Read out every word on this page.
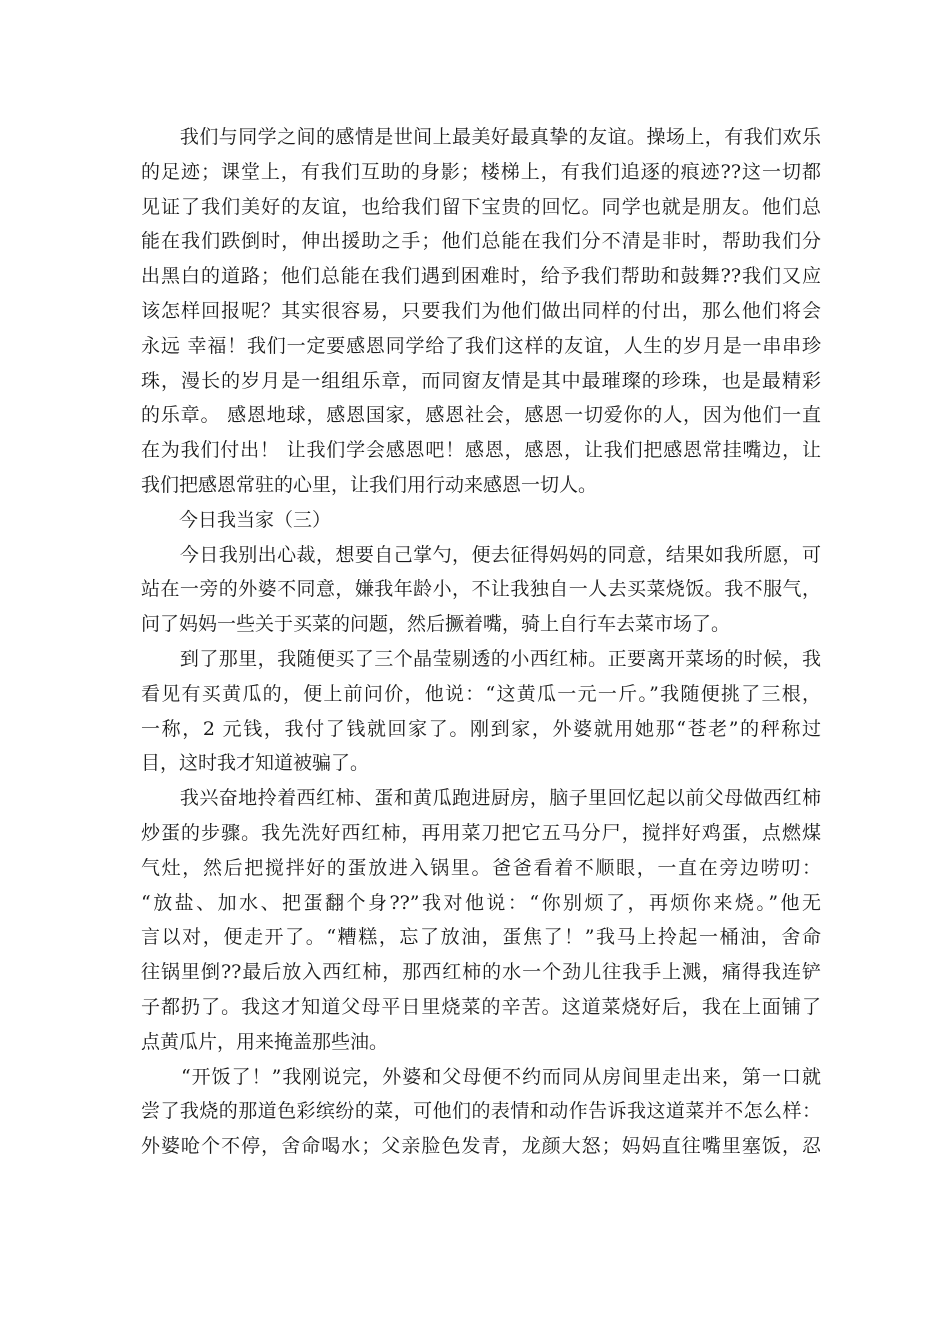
　　我们与同学之间的感情是世间上最美好最真挚的友谊。操场上，有我们欢乐
的足迹；课堂上，有我们互助的身影；楼梯上，有我们追逐的痕迹??这一切都
见证了我们美好的友谊，也给我们留下宝贵的回忆。同学也就是朋友。他们总
能在我们跌倒时，伸出援助之手；他们总能在我们分不清是非时，帮助我们分
出黑白的道路；他们总能在我们遇到困难时，给予我们帮助和鼓舞??我们又应
该怎样回报呢？其实很容易，只要我们为他们做出同样的付出，那么他们将会
永远 幸福！我们一定要感恩同学给了我们这样的友谊，人生的岁月是一串串珍
珠，漫长的岁月是一组组乐章，而同窗友情是其中最璀璨的珍珠，也是最精彩
的乐章。 感恩地球，感恩国家，感恩社会，感恩一切爱你的人，因为他们一直
在为我们付出！ 让我们学会感恩吧！感恩，感恩，让我们把感恩常挂嘴边，让
我们把感恩常驻的心里，让我们用行动来感恩一切人。
　　今日我当家（三）
　　今日我别出心裁，想要自己掌勺，便去征得妈妈的同意，结果如我所愿，可
站在一旁的外婆不同意，嫌我年龄小，不让我独自一人去买菜烧饭。我不服气，
问了妈妈一些关于买菜的问题，然后撅着嘴，骑上自行车去菜市场了。
　　到了那里，我随便买了三个晶莹剔透的小西红柿。正要离开菜场的时候，我
看见有买黄瓜的，便上前问价，他说：“这黄瓜一元一斤。”我随便挑了三根，
一称，2 元钱，我付了钱就回家了。刚到家，外婆就用她那“苍老”的秤称过
目，这时我才知道被骗了。
　　我兴奋地拎着西红柿、蛋和黄瓜跑进厨房，脑子里回忆起以前父母做西红柿
炒蛋的步骤。我先洗好西红柿，再用菜刀把它五马分尸，搅拌好鸡蛋，点燃煤
气灶，然后把搅拌好的蛋放进入锅里。爸爸看着不顺眼，一直在旁边唠叨：
“放盐、加水、把蛋翻个身??”我对他说：“你别烦了，再烦你来烧。”他无
言以对，便走开了。“糟糕，忘了放油，蛋焦了！”我马上拎起一桶油，舍命
往锅里倒??最后放入西红柿，那西红柿的水一个劲儿往我手上溅，痛得我连铲
子都扔了。我这才知道父母平日里烧菜的辛苦。这道菜烧好后，我在上面铺了
点黄瓜片，用来掩盖那些油。
　　“开饭了！”我刚说完，外婆和父母便不约而同从房间里走出来，第一口就
尝了我烧的那道色彩缤纷的菜，可他们的表情和动作告诉我这道菜并不怎么样：
外婆呛个不停，舍命喝水；父亲脸色发青，龙颜大怒；妈妈直往嘴里塞饭，忍
